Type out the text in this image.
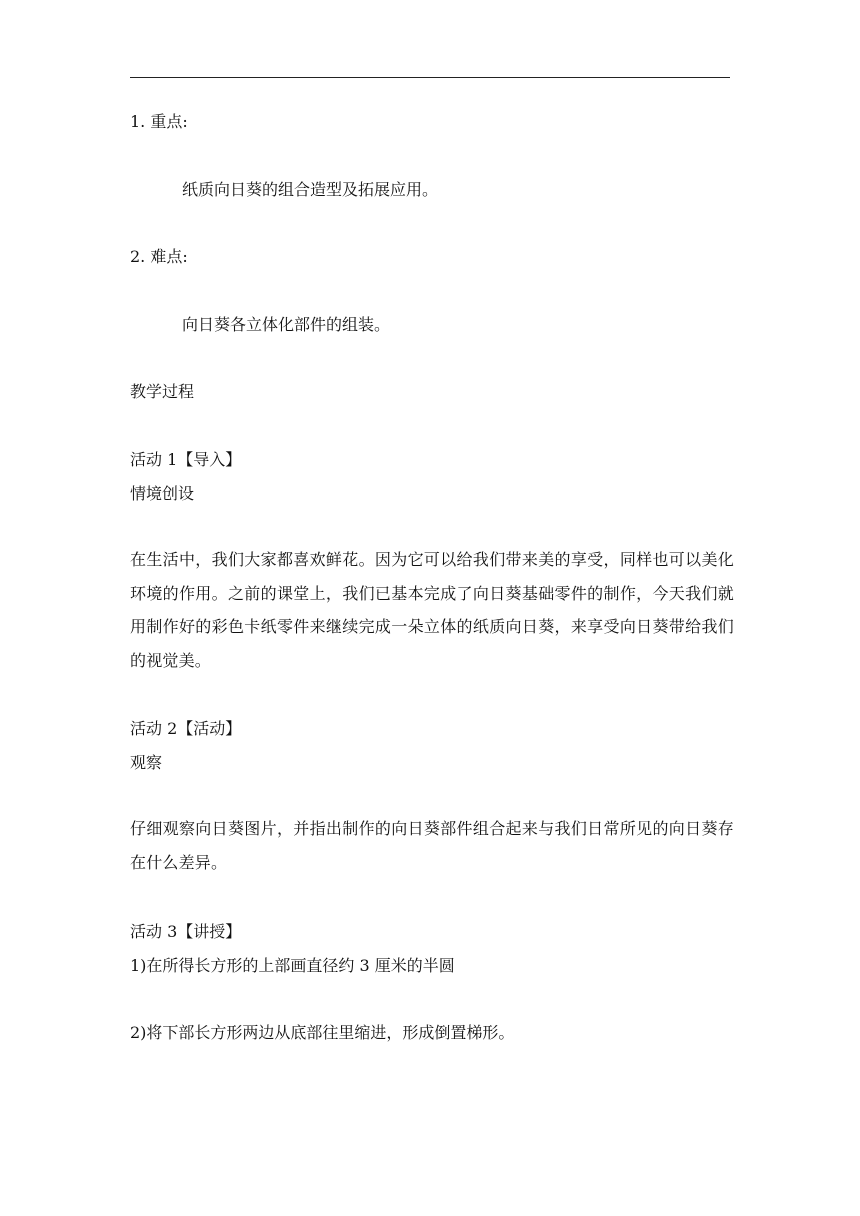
1. 重点:
纸质向日葵的组合造型及拓展应用。
2. 难点:
向日葵各立体化部件的组装。
教学过程
活动 1【导入】
情境创设
在生活中，我们大家都喜欢鲜花。因为它可以给我们带来美的享受，同样也可以美化环境的作用。之前的课堂上，我们已基本完成了向日葵基础零件的制作，今天我们就用制作好的彩色卡纸零件来继续完成一朵立体的纸质向日葵，来享受向日葵带给我们的视觉美。
活动 2【活动】
观察
仔细观察向日葵图片，并指出制作的向日葵部件组合起来与我们日常所见的向日葵存在什么差异。
活动 3【讲授】
1)在所得长方形的上部画直径约 3 厘米的半圆
2)将下部长方形两边从底部往里缩进，形成倒置梯形。
